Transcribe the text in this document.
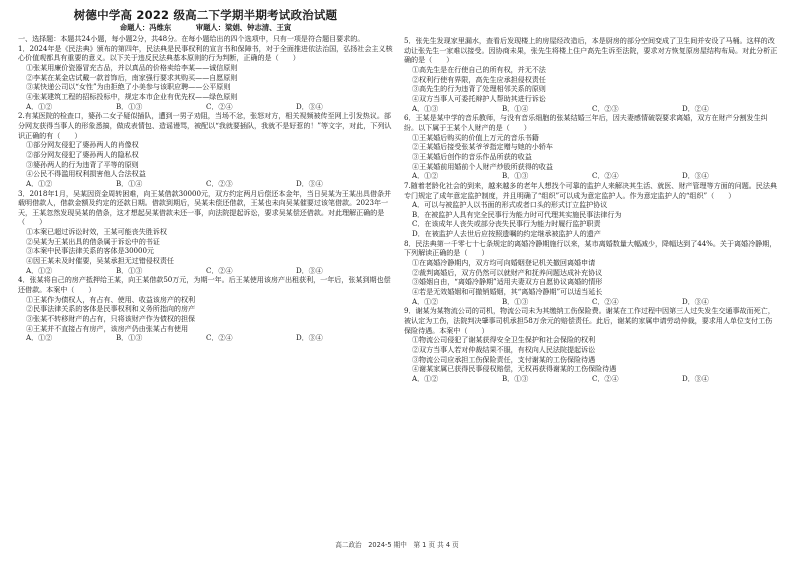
树德中学高 2022 级高二下学期半期考试政治试题
命题人：冯维东	审题人：梁娟、钟志清、王寅

一、选择题：本题共24小题，每小题2分，共48分。在每小题给出的四个选项中，只有一项是符合题目要求的。

1．2024年是《民法典》颁布的第四年，民法典是民事权利的宣言书和保障书，对于全面推进依法治国，弘扬社会主义核心价值观都具有重要的意义。以下关于违反民法典基本原则的行为判断，正确的是（　　）

①张某用廉价瓷器冒充古品，并以真品的价格卖给李某——诚信原则

②李某在某金店试戴一款首饰后，南家强行要求其购买——自愿原则

③某快递公司以“女性”为由拒绝了小美参与该职应聘——公平原则

④张某建筑工程的招标投标中，规定本市企业有优先权——绿色原则

A．①②	B．①③	C．②④	D．③④

2.有某医院的检查口，婆孙二女子疑似插队，遭到一男子劝阻，当场不忿，张怒对方，相关视频被传至网上引发热议。部分网友获得当事人的形象悉搞，做成表情包、造谣谩骂，被配以“我就要插队，我就不是好惹的！”等文字，对此，下列认识正确的有（　　）

①部分网友侵犯了婆孙两人的肖像权

②部分网友侵犯了婆孙两人的隐私权

③婆孙两人的行为违背了平等的原则

④公民不得滥用权利损害他人合法权益

A．①②	B．①④	C．②③	D．③④

3．2018年1月，吴某因资金周转困难，向王某借款30000元，双方约定两月后偿还本金年，当日吴某为王某出具借条并载明借款人，借款金额及约定的还款日期。借款到期后，吴某未偿还借款，王某也未向吴某催要过该笔借款。2023年一天，王某忽然发现吴某的借条，这才想起吴某借款未还一事，向法院提起诉讼，要求吴某偿还借款。对此理解正确的是（　　）

①本案已超过诉讼时效，王某可能丧失胜诉权

②吴某为王某出具的借条属于诉讼中的书证

③本案中民事法律关系的客体是30000元

④因王某未及时催要，吴某承担无过错侵权责任

A．①②	B．①③	C．②④	D．③④

4．张某将自己的房产抵押给王某，向王某借款50万元，为期一年。后王某使用该房产出租获利，一年后，张某到期也偿还借款。本案中（　　）

①王某作为债权人，有占有、使用、收益该房产的权利

②民事法律关系的客体是民事权利和义务所指向的房产

③张某不转移财产的占有，只将该财产作为债权的担保

④王某并不直接占有房产，该房产仍由张某占有使用

A．①②	B．①③	C．②④	D．③④

5．张先生发现家里漏水，查看后发现楼上的房屋经改造后，本是厨房的部分空间变成了卫生间并安设了马桶。这样的改动让张先生一家难以接受。因协商未果，张先生将楼上住户高先生诉至法院，要求对方恢复原房屋结构布局。对此分析正确的是（　　）

①高先生是在行使自己的所有权，并无不法

②权利行使有界限，高先生应承担侵权责任

③高先生的行为违背了处理相邻关系的原则

④双方当事人可委托辩护人帮助其进行诉讼

A．①③	B．①④	C．②③	D．②④

6．王某是某中学的音乐教师，与没有音乐细胞的张某结婚三年后，因夫妻感情破裂要求离婚，双方在财产分割发生纠纷。以下属于王某个人财产的是（　　）

①王某婚后购买的价值上万元的音乐书籍

②王某婚后接受张某爷爷指定赠与她的小轿车

③王某婚后创作的音乐作品所获的收益

④王某婚前用婚前个人财产炒股所获得的收益

A．①②	B．①③	C．②④	D．③④

7.随着老龄化社会的到来，越来越多的老年人想找个可靠的监护人来解决其生活、就医、财产管理等方面的问题。民法典专门规定了成年意定监护制度，并且明确了“组织”可以成为意定监护人。作为意定监护人的“组织”（　　）

A．可以与被监护人以书面的形式或者口头的形式订立监护协议

B．在被监护人具有完全民事行为能力时可代理其实施民事法律行为

C．在该成年人丧失或部分丧失民事行为能力时履行监护职责

D．在被监护人去世后应按照遗嘱的约定继承被监护人的遗产

8．民法典第一千零七十七条规定的离婚冷静期施行以来，某市离婚数量大幅减少，降幅达到了44%。关于离婚冷静期，下列解读正确的是（　　）

①在离婚冷静期内，双方均可向婚姻登记机关撤回离婚申请

②裁判离婚后，双方仍然可以就财产和抚养问题达成补充协议

③婚姻自由，“离婚冷静期”适用夫妻双方自愿协议离婚的情形

④若是无效婚姻和可撤销婚姻，其“离婚冷静期”可以适当延长

A．①②	B．①③	C．②④	D．③④

9．谢某为某物流公司的司机，物流公司未为其缴纳工伤保险费。谢某在工作过程中因第三人过失发生交通事故而死亡，被认定为工伤，法院判决肇事司机承担58万余元的赔偿责任。此后，谢某的家属申请劳动仲裁，要求用人单位支付工伤保险待遇。本案中（　　）

①物流公司侵犯了谢某获得安全卫生保护和社会保险的权利

②双方当事人若对仲裁结果不服，有权向人民法院提起诉讼

③物流公司应承担工伤保险责任，支付谢某的工伤保险待遇

④谢某家属已获得民事侵权赔偿，无权再获得谢某的工伤保险待遇

A．①②	B．①③	C．②④	D．③④
高二政治　2024-5 期中　第 1 页 共 4 页
